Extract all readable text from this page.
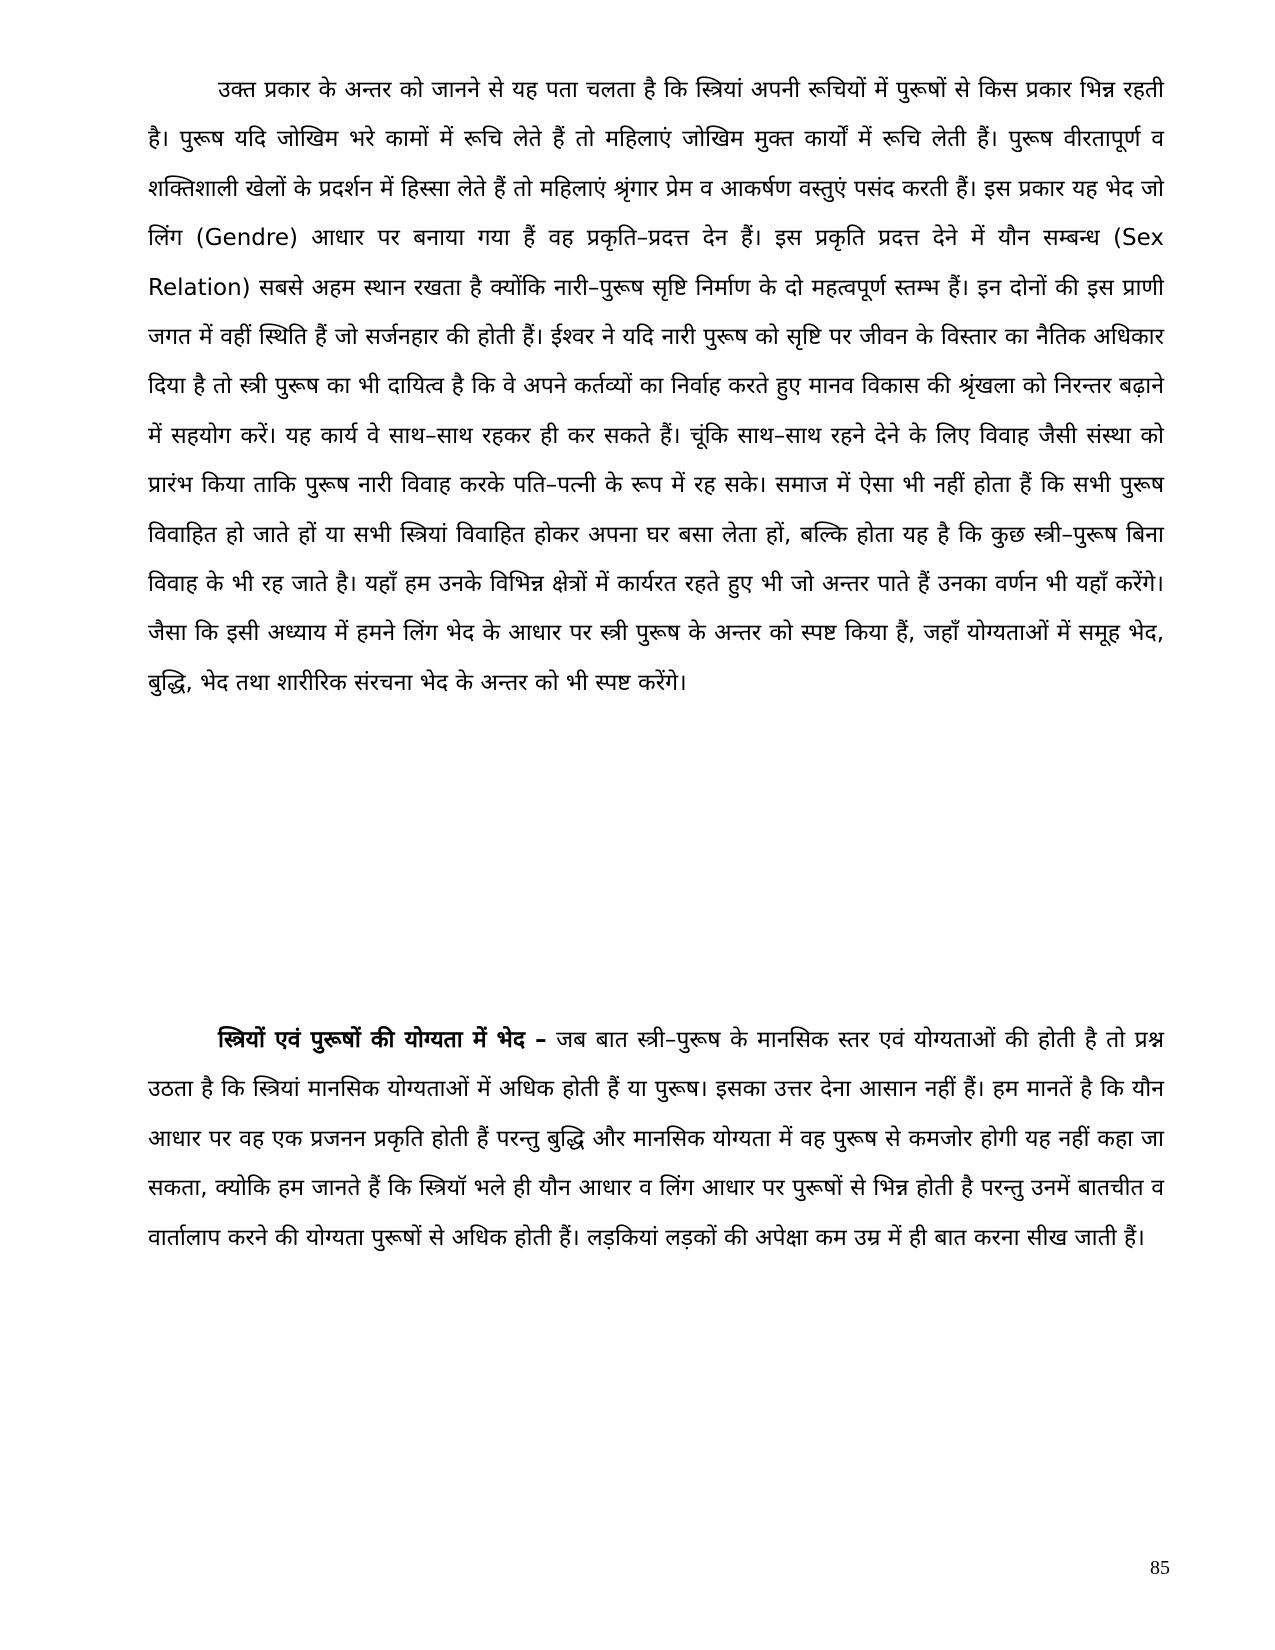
उक्त प्रकार के अन्तर को जानने से यह पता चलता है कि स्त्रियां अपनी रूचियों में पुरूषों से किस प्रकार भिन्न रहती है। पुरूष यदि जोखिम भरे कामों में रूचि लेते हैं तो महिलाएं जोखिम मुक्त कार्यों में रूचि लेती हैं। पुरूष वीरतापूर्ण व शक्तिशाली खेलों के प्रदर्शन में हिस्सा लेते हैं तो महिलाएं श्रृंगार प्रेम व आकर्षण वस्तुएं पसंद करती हैं। इस प्रकार यह भेद जो लिंग (Gendre) आधार पर बनाया गया हैं वह प्रकृति–प्रदत्त देन हैं। इस प्रकृति प्रदत्त देने में यौन सम्बन्ध (Sex Relation) सबसे अहम स्थान रखता है क्योंकि नारी–पुरूष सृष्टि निर्माण के दो महत्वपूर्ण स्तम्भ हैं। इन दोनों की इस प्राणी जगत में वहीं स्थिति हैं जो सर्जनहार की होती हैं। ईश्वर ने यदि नारी पुरूष को सृष्टि पर जीवन के विस्तार का नैतिक अधिकार दिया है तो स्त्री पुरूष का भी दायित्व है कि वे अपने कर्तव्यों का निर्वाह करते हुए मानव विकास की श्रृंखला को निरन्तर बढ़ाने में सहयोग करें। यह कार्य वे साथ–साथ रहकर ही कर सकते हैं। चूंकि साथ–साथ रहने देने के लिए विवाह जैसी संस्था को प्रारंभ किया ताकि पुरूष नारी विवाह करके पति–पत्नी के रूप में रह सके। समाज में ऐसा भी नहीं होता हैं कि सभी पुरूष विवाहित हो जाते हों या सभी स्त्रियां विवाहित होकर अपना घर बसा लेता हों, बल्कि होता यह है कि कुछ स्त्री–पुरूष बिना विवाह के भी रह जाते है। यहाँ हम उनके विभिन्न क्षेत्रों में कार्यरत रहते हुए भी जो अन्तर पाते हैं उनका वर्णन भी यहाँ करेंगे। जैसा कि इसी अध्याय में हमने लिंग भेद के आधार पर स्त्री पुरूष के अन्तर को स्पष्ट किया हैं, जहाँ योग्यताओं में समूह भेद, बुद्धि, भेद तथा शारीरिक संरचना भेद के अन्तर को भी स्पष्ट करेंगे।

स्त्रियों एवं पुरूषों की योग्यता में भेद – जब बात स्त्री–पुरूष के मानसिक स्तर एवं योग्यताओं की होती है तो प्रश्न उठता है कि स्त्रियां मानसिक योग्यताओं में अधिक होती हैं या पुरूष। इसका उत्तर देना आसान नहीं हैं। हम मानतें है कि यौन आधार पर वह एक प्रजनन प्रकृति होती हैं परन्तु बुद्धि और मानसिक योग्यता में वह पुरूष से कमजोर होगी यह नहीं कहा जा सकता, क्योकि हम जानते हैं कि स्त्रियॉ भले ही यौन आधार व लिंग आधार पर पुरूषों से भिन्न होती है परन्तु उनमें बातचीत व वार्तालाप करने की योग्यता पुरूषों से अधिक होती हैं। लड़कियां लड़कों की अपेक्षा कम उम्र में ही बात करना सीख जाती हैं।

85
